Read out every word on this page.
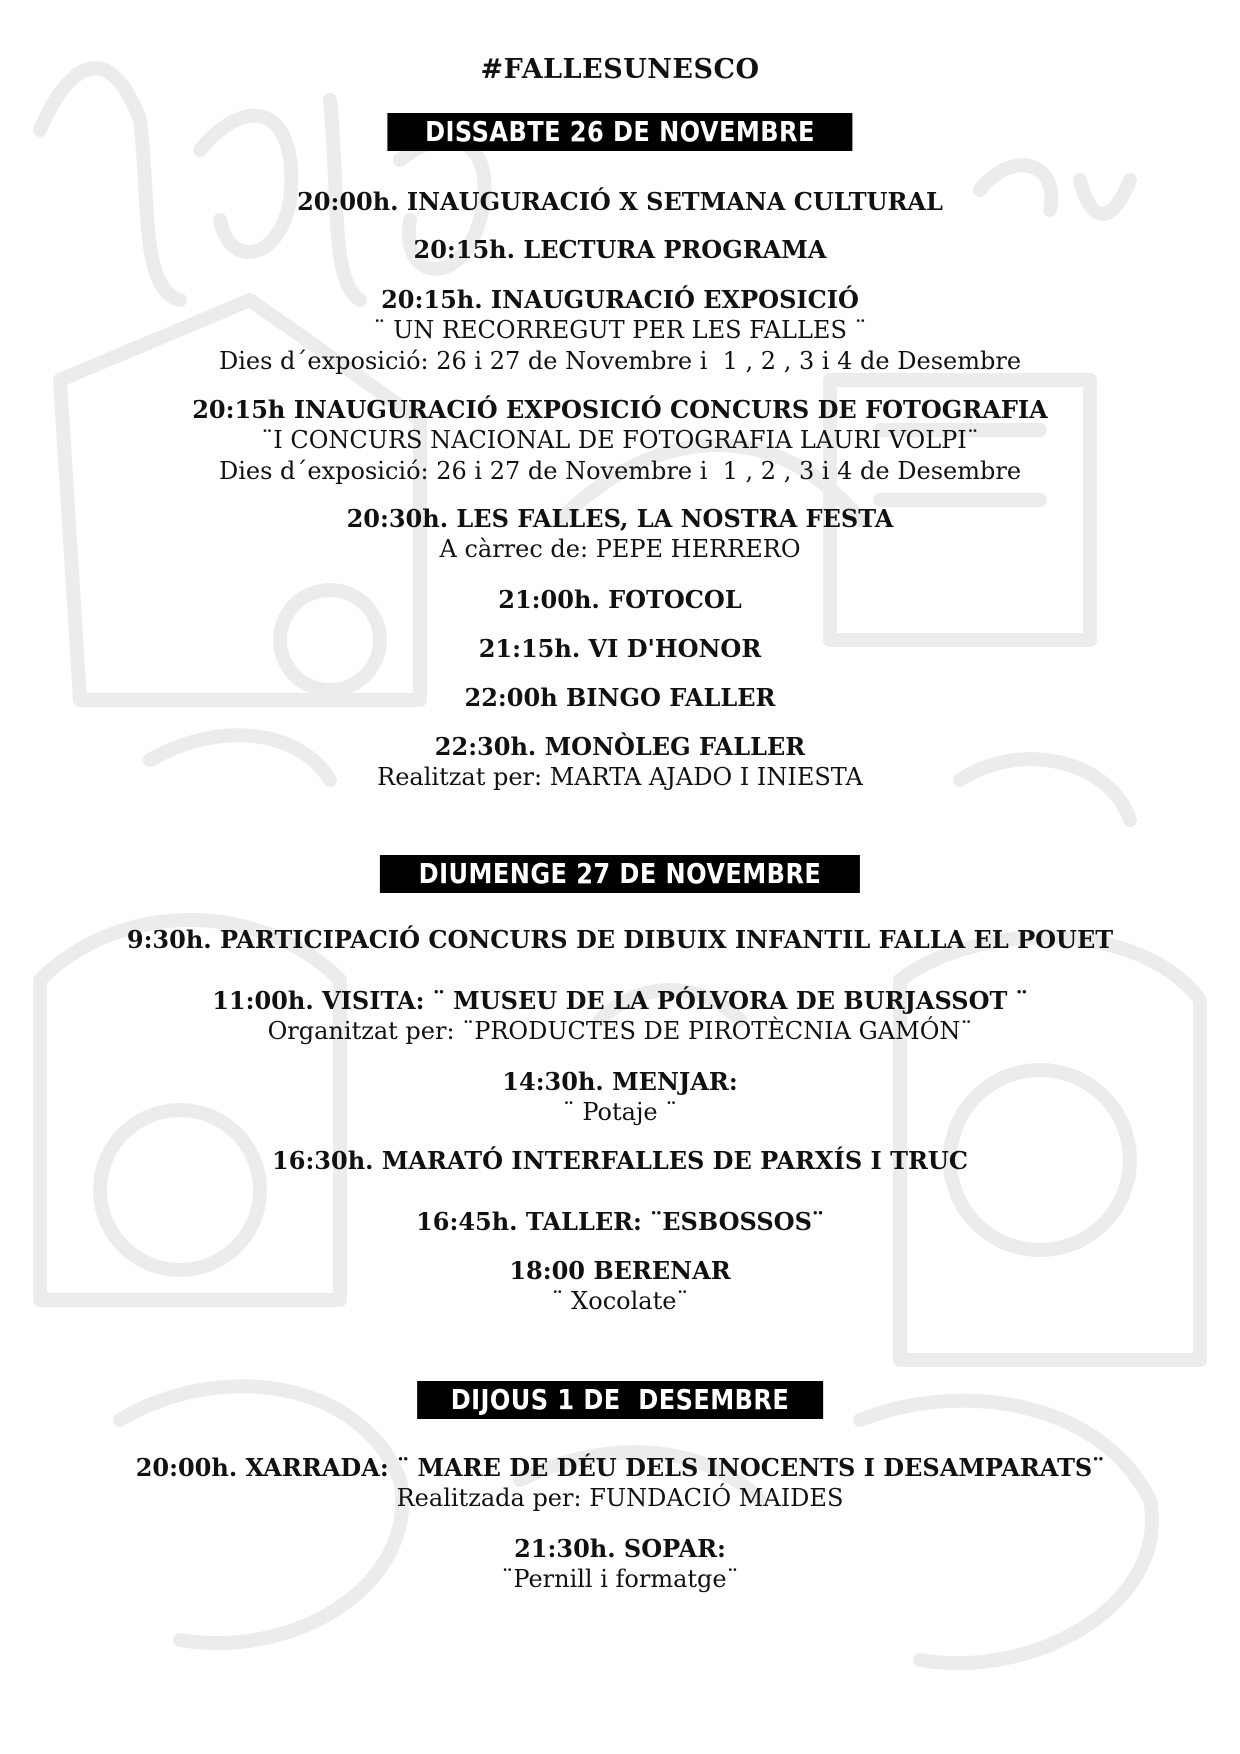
#FALLESUNESCO
DISSABTE 26 DE NOVEMBRE
20:00h. INAUGURACIÓ X SETMANA CULTURAL
20:15h. LECTURA PROGRAMA
20:15h. INAUGURACIÓ EXPOSICIÓ
¨ UN RECORREGUT PER LES FALLES ¨
Dies d´exposició: 26 i 27 de Novembre i  1 , 2 , 3 i 4 de Desembre
20:15h INAUGURACIÓ EXPOSICIÓ CONCURS DE FOTOGRAFIA
¨I CONCURS NACIONAL DE FOTOGRAFIA LAURI VOLPI¨
Dies d´exposició: 26 i 27 de Novembre i  1 , 2 , 3 i 4 de Desembre
20:30h. LES FALLES, LA NOSTRA FESTA
A càrrec de: PEPE HERRERO
21:00h. FOTOCOL
21:15h. VI D'HONOR
22:00h BINGO FALLER
22:30h. MONÒLEG FALLER
Realitzat per: MARTA AJADO I INIESTA
DIUMENGE 27 DE NOVEMBRE
9:30h. PARTICIPACIÓ CONCURS DE DIBUIX INFANTIL FALLA EL POUET
11:00h. VISITA: ¨ MUSEU DE LA PÓLVORA DE BURJASSOT ¨
Organitzat per: ¨PRODUCTES DE PIROTÈCNIA GAMÓN¨
14:30h. MENJAR:
¨ Potaje ¨
16:30h. MARATÓ INTERFALLES DE PARXÍS I TRUC
16:45h. TALLER: ¨ESBOSSOS¨
18:00 BERENAR
¨ Xocolate¨
DIJOUS 1 DE  DESEMBRE
20:00h. XARRADA: ¨ MARE DE DÉU DELS INOCENTS I DESAMPARATS¨
Realitzada per: FUNDACIÓ MAIDES
21:30h. SOPAR:
¨Pernill i formatge¨
